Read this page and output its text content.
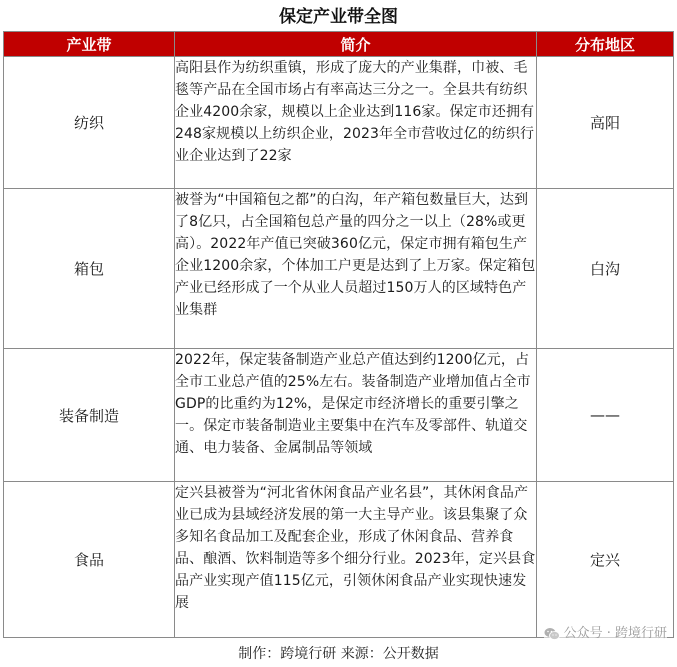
保定产业带全图
产业带	简介	分布地区
纺织	高阳县作为纺织重镇，形成了庞大的产业集群，巾被、毛毯等产品在全国市场占有率高达三分之一。全县共有纺织企业4200余家，规模以上企业达到116家。保定市还拥有248家规模以上纺织企业，2023年全市营收过亿的纺织行业企业达到了22家	高阳
箱包	被誉为“中国箱包之都”的白沟，年产箱包数量巨大，达到了8亿只，占全国箱包总产量的四分之一以上（28%或更高）。2022年产值已突破360亿元，保定市拥有箱包生产企业1200余家，个体加工户更是达到了上万家。保定箱包产业已经形成了一个从业人员超过150万人的区域特色产业集群	白沟
装备制造	2022年，保定装备制造产业总产值达到约1200亿元，占全市工业总产值的25%左右。装备制造产业增加值占全市GDP的比重约为12%，是保定市经济增长的重要引擎之一。保定市装备制造业主要集中在汽车及零部件、轨道交通、电力装备、金属制品等领域	——
食品	定兴县被誉为“河北省休闲食品产业名县”，其休闲食品产业已成为县域经济发展的第一大主导产业。该县集聚了众多知名食品加工及配套企业，形成了休闲食品、营养食品、酿酒、饮料制造等多个细分行业。2023年，定兴县食品产业实现产值115亿元，引领休闲食品产业实现快速发展	定兴
公众号 · 跨境行研
制作：跨境行研 来源：公开数据
